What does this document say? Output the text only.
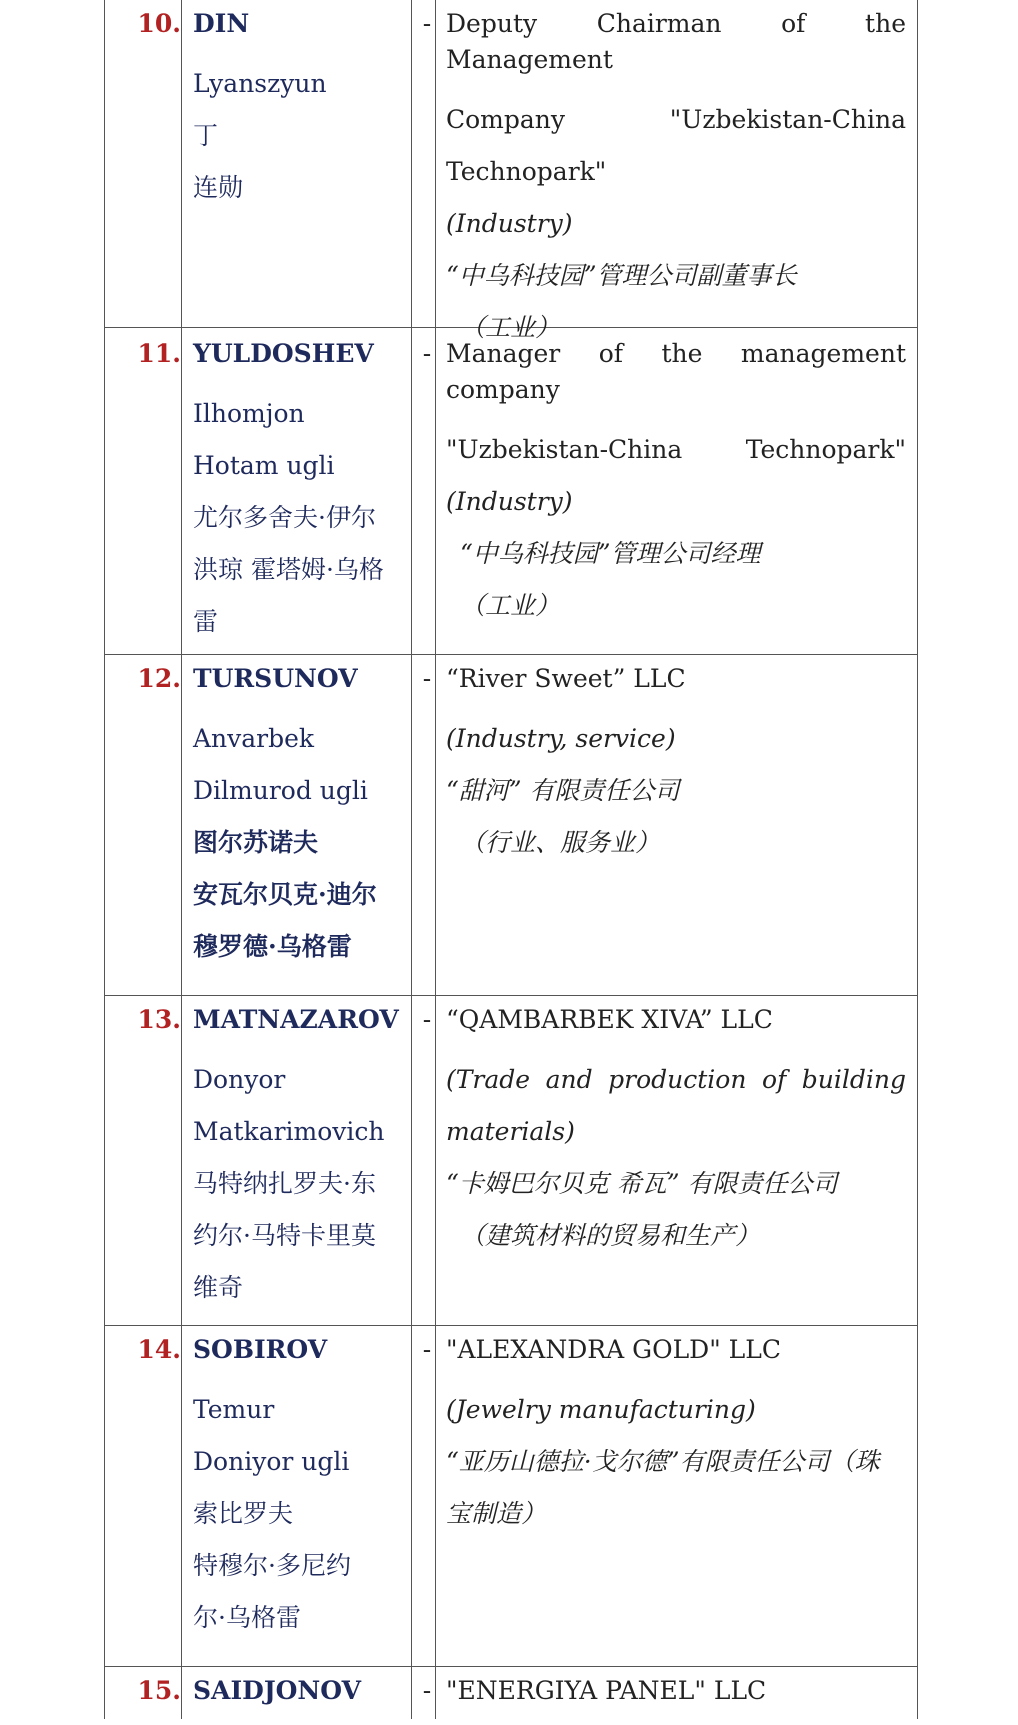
10. DIN
Lyanszyun
丁
连勋
- Deputy Chairman of the Management
Company "Uzbekistan-China
Technopark"
(Industry)
“中乌科技园”管理公司副董事长
（工业）
11. YULDOSHEV
Ilhomjon
Hotam ugli
尤尔多舍夫·伊尔
洪琼 霍塔姆·乌格
雷
- Manager of the management company
"Uzbekistan-China Technopark"
(Industry)
“中乌科技园”管理公司经理
（工业）
12. TURSUNOV
Anvarbek
Dilmurod ugli
图尔苏诺夫
安瓦尔贝克·迪尔
穆罗德·乌格雷
- “River Sweet” LLC
(Industry, service)
“甜河” 有限责任公司
（行业、服务业）
13. MATNAZAROV
Donyor
Matkarimovich
马特纳扎罗夫·东
约尔·马特卡里莫
维奇
- “QAMBARBEK XIVA” LLC
(Trade and production of building
materials)
“卡姆巴尔贝克 希瓦” 有限责任公司
（建筑材料的贸易和生产）
14. SOBIROV
Temur
Doniyor ugli
索比罗夫
特穆尔·多尼约
尔·乌格雷
- "ALEXANDRA GOLD" LLC
(Jewelry manufacturing)
“亚历山德拉·戈尔德”有限责任公司（珠
宝制造）
15. SAIDJONOV	- "ENERGIYA PANEL" LLC
